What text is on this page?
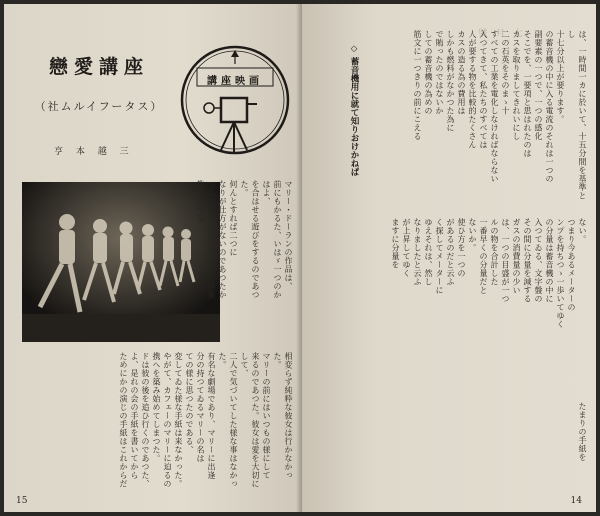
戀愛講座
（社ムルイフータス）
亨 本 越 三
講座映画
マリー・ドーランの作品は、
前にもかるた、いはゞ一つのかはよ、
を合はせる遊びをするのであつた。
何んとすれば二つに
なりが仕方がないのであつたか
つらい二十八歳の時、町の音楽教授を卒業
相変らず純粋な彼女は行かなかった。
マリーの前にはいつもの様にして
来るのであつた。彼女は愛を大切にして、
二人で気づいてした様な事はなかった。
有名な劇場であり、マリーに出逢
分の持つてゐるマリーの名は
ての様に思つたのである、
変してゐた様な手紙は来なかった。
やがて、カフェーのマリーに迫るの
携へを築み始めてしまつた。
ドは彼の後を追ひ行くのであつた、
よ、是れの会の手紙を書いてから
ためにかの演じの手紙はこれからだ
15
號 月 七	は、一時間一カに於いて、十五分間を基準とし
十七分以上が要ります。
の蓄音機の中に入る電流のそれは一つの
副要素の一つで、一つの感化
そこでを、一要項と思はれたのは
カスを取りましてきれいにし
二の石英をそのまゝ十
すべての工業を電化しなければならない
入つてきて、私たちのすべては
人が要する物を比較的たくさん
カスの造る為の費用は
しかも燃料がなかつた為に
で賄ったのではないか
しての蓄音機の為めの
筋文に一つきりの前にこえる
◇ 蓄音機用に就て知りおけかねぱ
ない。
つまり今あるメーターの
ンプを持ちつゝ一歩いてゆく
の分量は蓄音機の中に
入つてゐる、文字盤の
その間に分量を減する
ガスの消費量の少い
は、一つの目盛が一つ
ルの物を合計した
一番早くの分量だと
ないか。
使ひ方を一つの
があるのだと云ふ
く探してメーターに
ゆえそれは、然し
なりましたと云ふ
が上昇してゆく
ますに分量を
たまりの手紙を
14
